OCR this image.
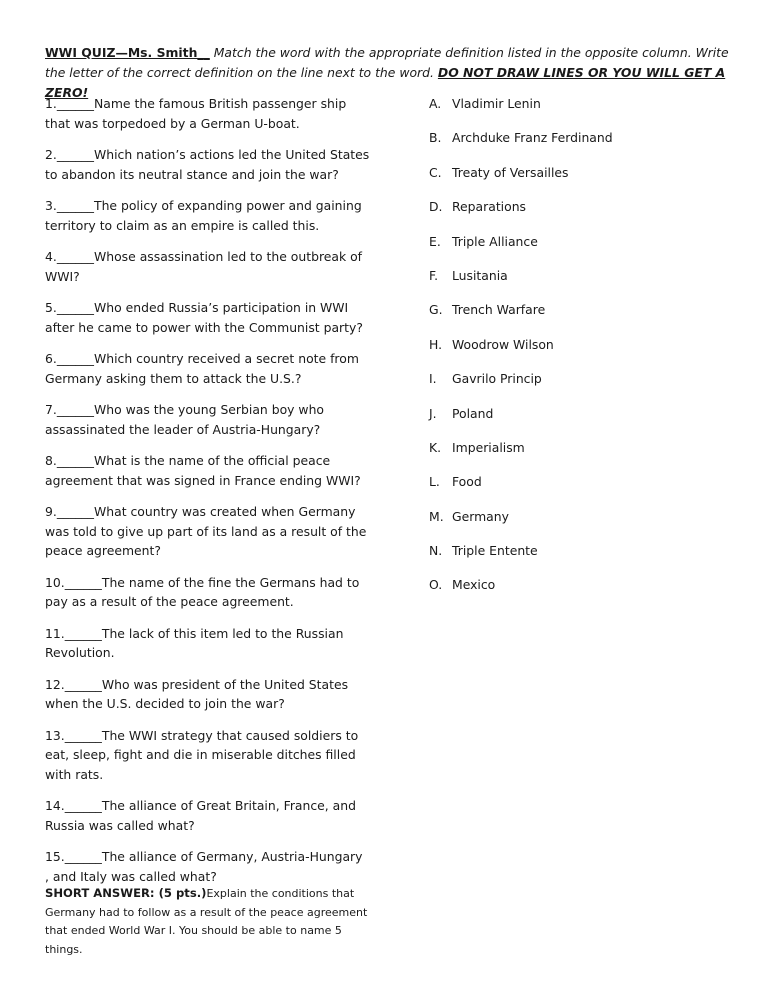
WWI QUIZ—Ms. Smith__ Match the word with the appropriate definition listed in the opposite column. Write the letter of the correct definition on the line next to the word. DO NOT DRAW LINES OR YOU WILL GET A ZERO!
1.______Name the famous British passenger ship that was torpedoed by a German U-boat.
2.______Which nation’s actions led the United States to abandon its neutral stance and join the war?
3.______The policy of expanding power and gaining territory to claim as an empire is called this.
4.______Whose assassination led to the outbreak of WWI?
5.______Who ended Russia’s participation in WWI after he came to power with the Communist party?
6.______Which country received a secret note from Germany asking them to attack the U.S.?
7.______Who was the young Serbian boy who assassinated the leader of Austria-Hungary?
8.______What is the name of the official peace agreement that was signed in France ending WWI?
9.______What country was created when Germany was told to give up part of its land as a result of the peace agreement?
10.______The name of the fine the Germans had to pay as a result of the peace agreement.
11.______The lack of this item led to the Russian Revolution.
12.______Who was president of the United States when the U.S. decided to join the war?
13.______The WWI strategy that caused soldiers to eat, sleep, fight and die in miserable ditches filled with rats.
14.______The alliance of Great Britain, France, and Russia was called what?
15.______The alliance of Germany, Austria-Hungary , and Italy was called what?
A. Vladimir Lenin
B. Archduke Franz Ferdinand
C. Treaty of Versailles
D. Reparations
E. Triple Alliance
F.	Lusitania
G. Trench Warfare
H. Woodrow Wilson
I.	Gavrilo Princip
J.	Poland
K. Imperialism
L. Food
M. Germany
N. Triple Entente
O. Mexico
SHORT ANSWER: (5 pts.)Explain the conditions that Germany had to follow as a result of the peace agreement that ended World War I. You should be able to name 5 things.
